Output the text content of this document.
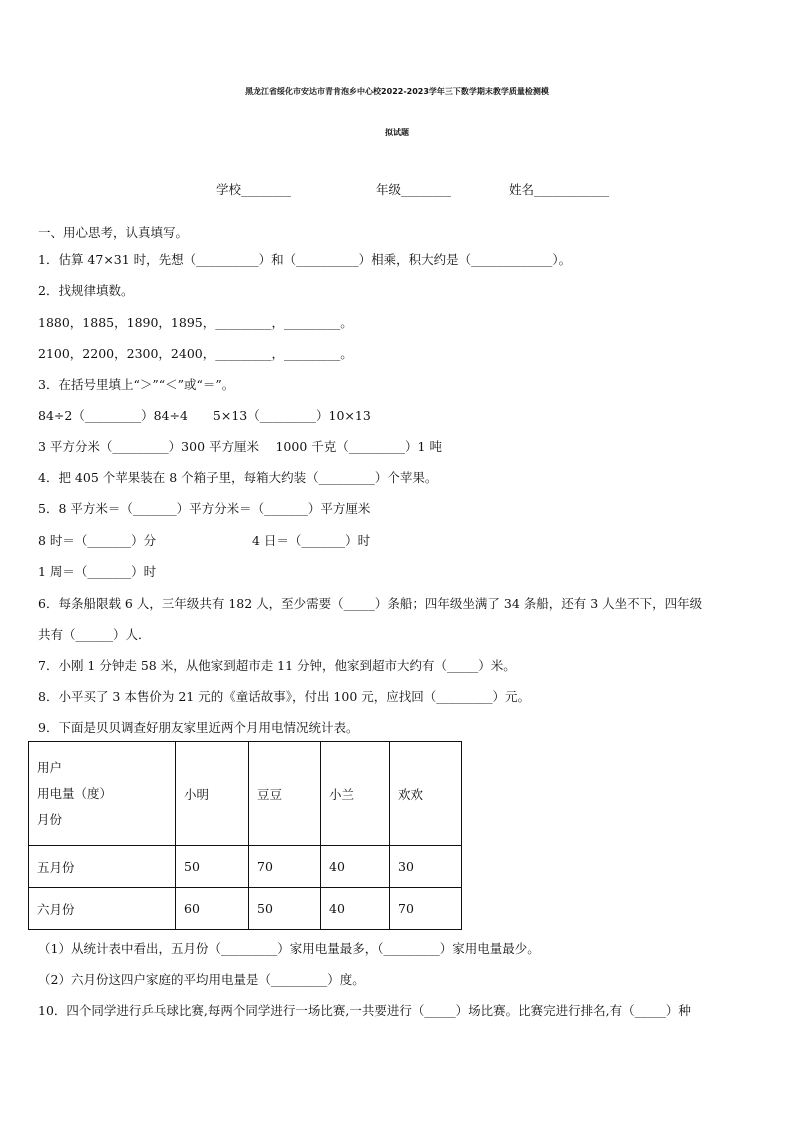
黑龙江省绥化市安达市青肯泡乡中心校2022-2023学年三下数学期末教学质量检测模
拟试题
学校________	年级________	姓名____________
一、用心思考，认真填写。
1．估算 47×31 时，先想（__________）和（__________）相乘，积大约是（_____________）。
2．找规律填数。
1880，1885，1890，1895，_________，_________。
2100，2200，2300，2400，_________，_________。
3．在括号里填上“＞”“＜”或“＝”。
84÷2（_________）84÷4　　5×13（_________）10×13
3 平方分米（_________）300 平方厘米　 1000 千克（_________）1 吨
4．把 405 个苹果装在 8 个箱子里，每箱大约装（_________）个苹果。
5．8 平方米＝（_______）平方分米＝（_______）平方厘米
8 时＝（_______）分	4 日＝（_______）时
1 周＝（_______）时
6．每条船限载 6 人，三年级共有 182 人，至少需要（_____）条船；四年级坐满了 34 条船，还有 3 人坐不下，四年级
共有（______）人．
7．小刚 1 分钟走 58 米，从他家到超市走 11 分钟，他家到超市大约有（_____）米。
8．小平买了 3 本售价为 21 元的《童话故事》，付出 100 元，应找回（_________）元。
9．下面是贝贝调查好朋友家里近两个月用电情况统计表。
用户
用电量（度）
月份	小明	豆豆	小兰	欢欢
五月份	50	70	40	30
六月份	60	50	40	70
（1）从统计表中看出，五月份（_________）家用电量最多，（_________）家用电量最少。
（2）六月份这四户家庭的平均用电量是（_________）度。
10．四个同学进行乒乓球比赛,每两个同学进行一场比赛,一共要进行（_____）场比赛。比赛完进行排名,有（_____）种
